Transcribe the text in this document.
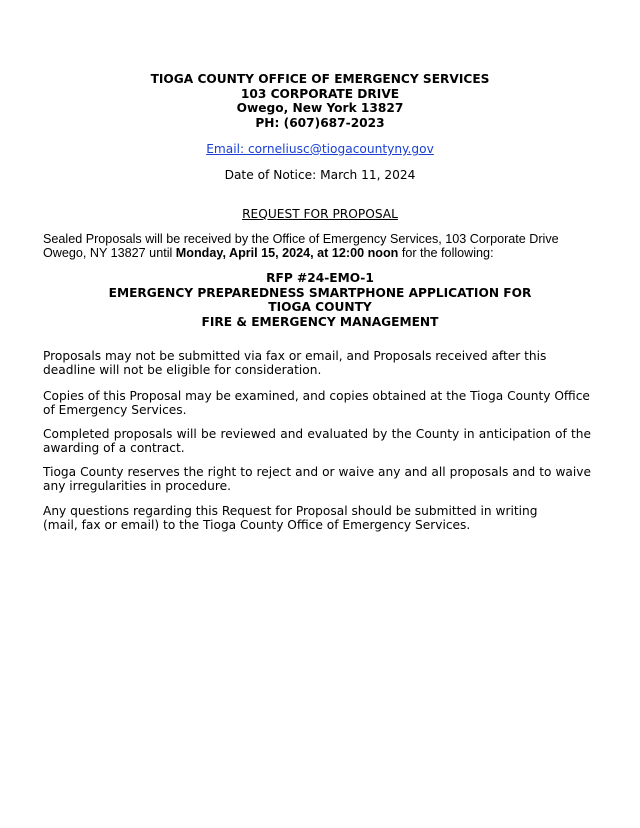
TIOGA COUNTY OFFICE OF EMERGENCY SERVICES
103 CORPORATE DRIVE
Owego, New York 13827
PH: (607)687-2023
Email: corneliusc@tiogacountyny.gov
Date of Notice: March 11, 2024
REQUEST FOR PROPOSAL
Sealed Proposals will be received by the Office of Emergency Services, 103 Corporate Drive Owego, NY 13827 until Monday, April 15, 2024, at 12:00 noon for the following:
RFP #24-EMO-1
EMERGENCY PREPAREDNESS SMARTPHONE APPLICATION FOR
TIOGA COUNTY
FIRE & EMERGENCY MANAGEMENT
Proposals may not be submitted via fax or email, and Proposals received after this deadline will not be eligible for consideration.
Copies of this Proposal may be examined, and copies obtained at the Tioga County Office of Emergency Services.
Completed proposals will be reviewed and evaluated by the County in anticipation of the awarding of a contract.
Tioga County reserves the right to reject and or waive any and all proposals and to waive any irregularities in procedure.
Any questions regarding this Request for Proposal should be submitted in writing (mail, fax or email) to the Tioga County Office of Emergency Services.
